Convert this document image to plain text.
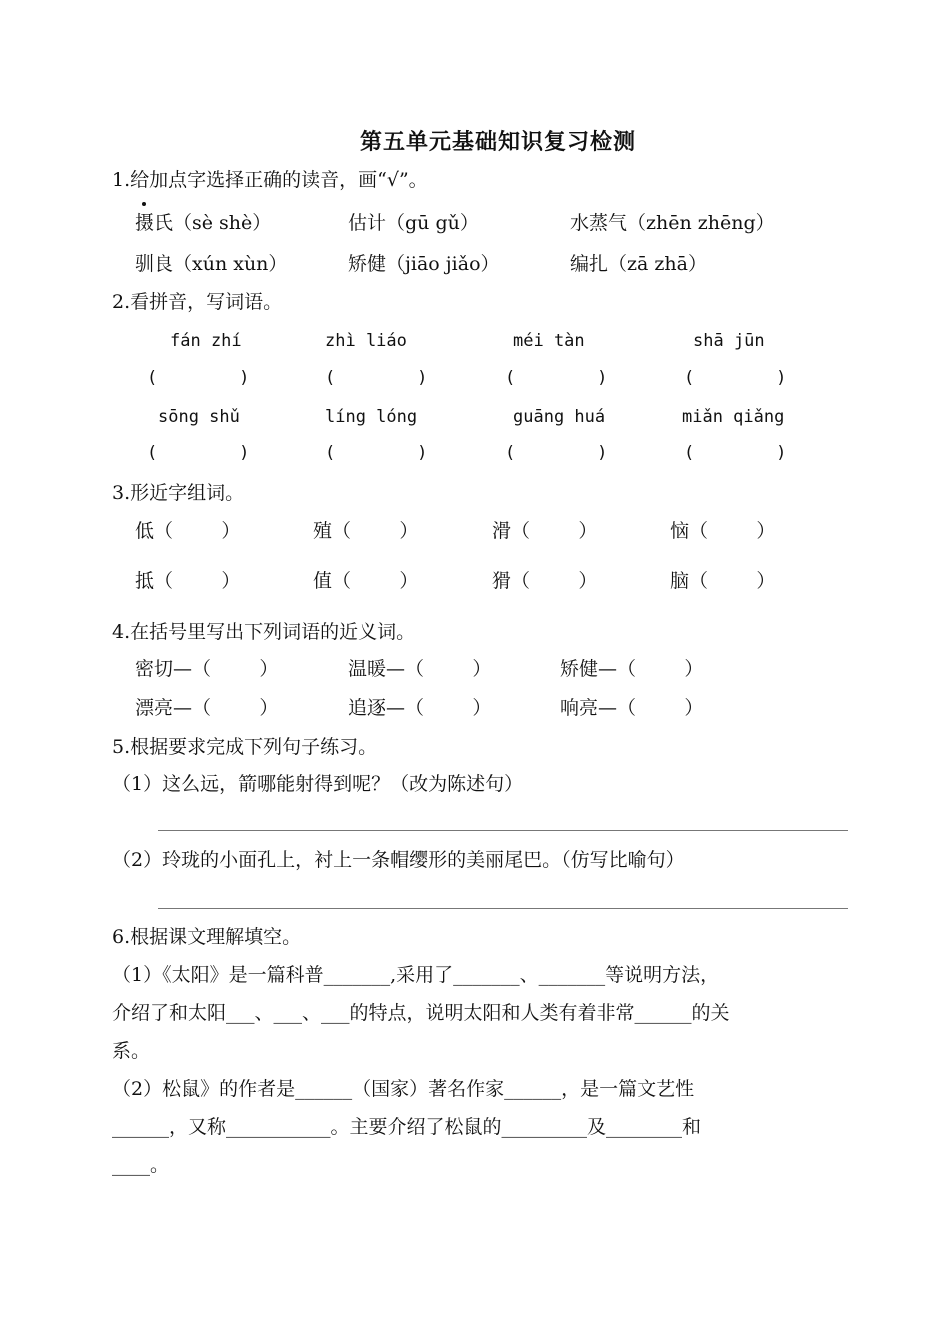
第五单元基础知识复习检测
1.给加点字选择正确的读音，画“√”。
摄氏（sè shè）	估计（gū gǔ）	水蒸气（zhēn zhēng）
驯良（xún xùn）	矫健（jiāo jiǎo）	编扎（zā zhā）
2.看拼音，写词语。
fán zhí	zhì liáo	méi tàn	shā jūn
(        )	(        )	(        )	(        )
sōng shǔ	líng lóng	guāng huá	miǎn qiǎng
(        )	(        )	(        )	(        )
3.形近字组词。
低（        ）	殖（        ）	滑（        ）	恼（        ）
抵（        ）	值（        ）	猾（        ）	脑（        ）
4.在括号里写出下列词语的近义词。
密切—（        ）	温暖—（        ）	矫健—（        ）
漂亮—（        ）	追逐—（        ）	响亮—（        ）
5.根据要求完成下列句子练习。
（1）这么远，箭哪能射得到呢？（改为陈述句）
（2）玲珑的小面孔上，衬上一条帽缨形的美丽尾巴。（仿写比喻句）
6.根据课文理解填空。
（1）《太阳》是一篇科普_______,采用了_______、_______等说明方法，
介绍了和太阳___、___、___的特点，说明太阳和人类有着非常______的关
系。
（2）松鼠》的作者是______（国家）著名作家______，是一篇文艺性
______，又称___________。主要介绍了松鼠的_________及________和
____。
